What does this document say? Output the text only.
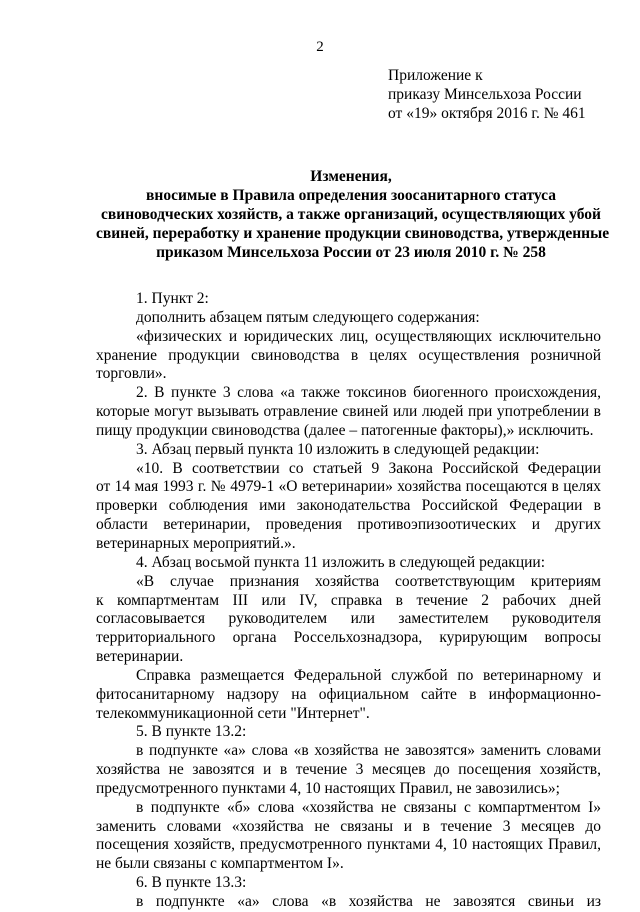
2
Приложение к
приказу Минсельхоза России
от «19» октября 2016 г. № 461
Изменения,
вносимые в Правила определения зоосанитарного статуса
свиноводческих хозяйств, а также организаций, осуществляющих убой
свиней, переработку и хранение продукции свиноводства, утвержденные
приказом Минсельхоза России от 23 июля 2010 г. № 258
1. Пункт 2:
дополнить абзацем пятым следующего содержания:
«физических и юридических лиц, осуществляющих исключительно
хранение продукции свиноводства в целях осуществления розничной
торговли».
2. В пункте 3 слова «а также токсинов биогенного происхождения,
которые могут вызывать отравление свиней или людей при употреблении в
пищу продукции свиноводства (далее – патогенные факторы),» исключить.
3. Абзац первый пункта 10 изложить в следующей редакции:
«10. В соответствии со статьей 9 Закона Российской Федерации
от 14 мая 1993 г. № 4979-1 «О ветеринарии» хозяйства посещаются в целях
проверки соблюдения ими законодательства Российской Федерации в
области ветеринарии, проведения противоэпизоотических и других
ветеринарных мероприятий.».
4. Абзац восьмой пункта 11 изложить в следующей редакции:
«В случае признания хозяйства соответствующим критериям
к компартментам III или IV, справка в течение 2 рабочих дней
согласовывается руководителем или заместителем руководителя
территориального органа Россельхознадзора, курирующим вопросы
ветеринарии.
Справка размещается Федеральной службой по ветеринарному и
фитосанитарному надзору на официальном сайте в информационно-
телекоммуникационной сети "Интернет".
5. В пункте 13.2:
в подпункте «а» слова «в хозяйства не завозятся» заменить словами
хозяйства не завозятся и в течение 3 месяцев до посещения хозяйств,
предусмотренного пунктами 4, 10 настоящих Правил, не завозились»;
в подпункте «б» слова «хозяйства не связаны с компартментом I»
заменить словами «хозяйства не связаны и в течение 3 месяцев до
посещения хозяйств, предусмотренного пунктами 4, 10 настоящих Правил,
не были связаны с компартментом I».
6. В пункте 13.3:
в подпункте «а» слова «в хозяйства не завозятся свиньи из
